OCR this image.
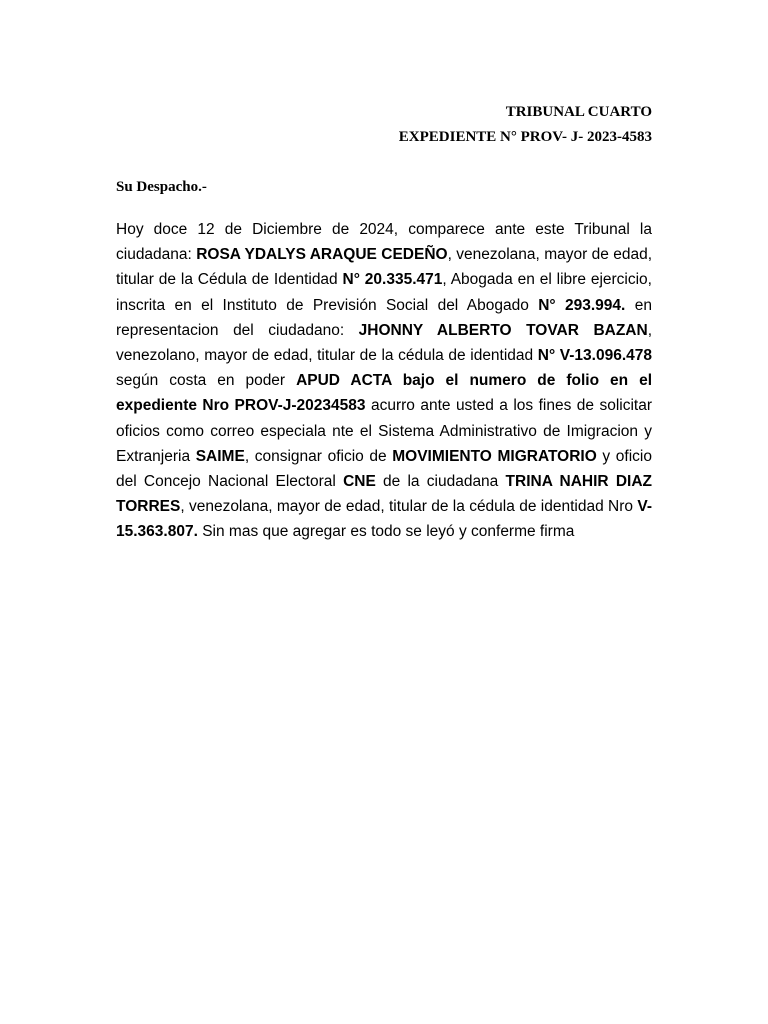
TRIBUNAL CUARTO
EXPEDIENTE N° PROV- J- 2023-4583
Su Despacho.-

Hoy doce 12 de Diciembre de 2024, comparece ante este Tribunal la ciudadana: ROSA YDALYS ARAQUE CEDEÑO, venezolana, mayor de edad, titular de la Cédula de Identidad N° 20.335.471, Abogada en el libre ejercicio, inscrita en el Instituto de Previsión Social del Abogado N° 293.994. en representacion del ciudadano: JHONNY ALBERTO TOVAR BAZAN, venezolano, mayor de edad, titular de la cédula de identidad N° V-13.096.478 según costa en poder APUD ACTA bajo el numero de folio en el expediente Nro PROV-J-20234583 acurro ante usted a los fines de solicitar oficios como correo especiala nte el Sistema Administrativo de Imigracion y Extranjeria SAIME, consignar oficio de MOVIMIENTO MIGRATORIO y oficio del Concejo Nacional Electoral CNE de la ciudadana TRINA NAHIR DIAZ TORRES, venezolana, mayor de edad, titular de la cédula de identidad Nro V- 15.363.807. Sin mas que agregar es todo se leyó y conferme firma
